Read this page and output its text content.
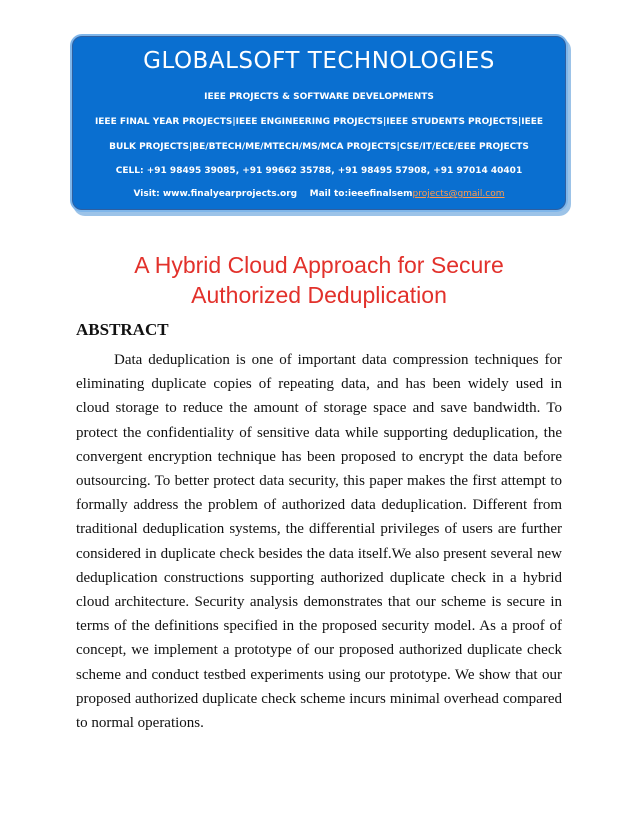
GLOBALSOFT TECHNOLOGIES
IEEE PROJECTS & SOFTWARE DEVELOPMENTS
IEEE FINAL YEAR PROJECTS|IEEE ENGINEERING PROJECTS|IEEE STUDENTS PROJECTS|IEEE
BULK PROJECTS|BE/BTECH/ME/MTECH/MS/MCA PROJECTS|CSE/IT/ECE/EEE PROJECTS
CELL: +91 98495 39085, +91 99662 35788, +91 98495 57908, +91 97014 40401
Visit: www.finalyearprojects.org Mail to:ieeefinalsemprojects@gmail.com
A Hybrid Cloud Approach for Secure
Authorized Deduplication
ABSTRACT
Data deduplication is one of important data compression techniques for eliminating duplicate copies of repeating data, and has been widely used in cloud storage to reduce the amount of storage space and save bandwidth. To protect the confidentiality of sensitive data while supporting deduplication, the convergent encryption technique has been proposed to encrypt the data before outsourcing. To better protect data security, this paper makes the first attempt to formally address the problem of authorized data deduplication. Different from traditional deduplication systems, the differential privileges of users are further considered in duplicate check besides the data itself.We also present several new deduplication constructions supporting authorized duplicate check in a hybrid cloud architecture. Security analysis demonstrates that our scheme is secure in terms of the definitions specified in the proposed security model. As a proof of concept, we implement a prototype of our proposed authorized duplicate check scheme and conduct testbed experiments using our prototype. We show that our proposed authorized duplicate check scheme incurs minimal overhead compared to normal operations.
